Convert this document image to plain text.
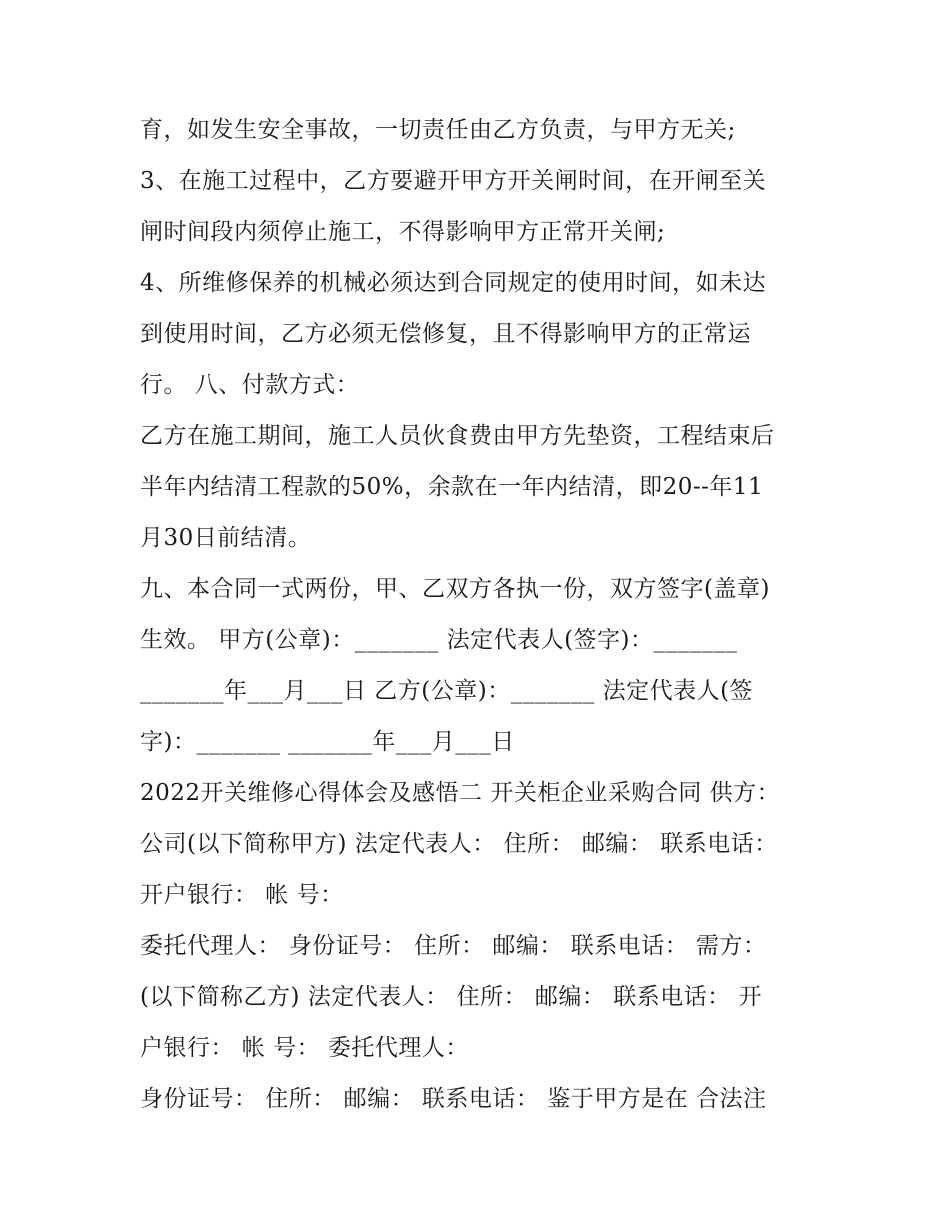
育，如发生安全事故，一切责任由乙方负责，与甲方无关;
3、在施工过程中，乙方要避开甲方开关闸时间，在开闸至关
闸时间段内须停止施工，不得影响甲方正常开关闸;
4、所维修保养的机械必须达到合同规定的使用时间，如未达
到使用时间，乙方必须无偿修复，且不得影响甲方的正常运
行。 八、付款方式：
乙方在施工期间，施工人员伙食费由甲方先垫资，工程结束后
半年内结清工程款的50%，余款在一年内结清，即20--年11
月30日前结清。
九、本合同一式两份，甲、乙双方各执一份，双方签字(盖章)
生效。 甲方(公章)：_______ 法定代表人(签字)：_______
_______年___月___日 乙方(公章)：_______ 法定代表人(签
字)：_______ _______年___月___日
2022开关维修心得体会及感悟二 开关柜企业采购合同 供方：
公司(以下简称甲方) 法定代表人： 住所： 邮编： 联系电话：
开户银行： 帐 号：
委托代理人： 身份证号： 住所： 邮编： 联系电话： 需方：
(以下简称乙方) 法定代表人： 住所： 邮编： 联系电话： 开
户银行： 帐 号： 委托代理人：
身份证号： 住所： 邮编： 联系电话： 鉴于甲方是在 合法注
